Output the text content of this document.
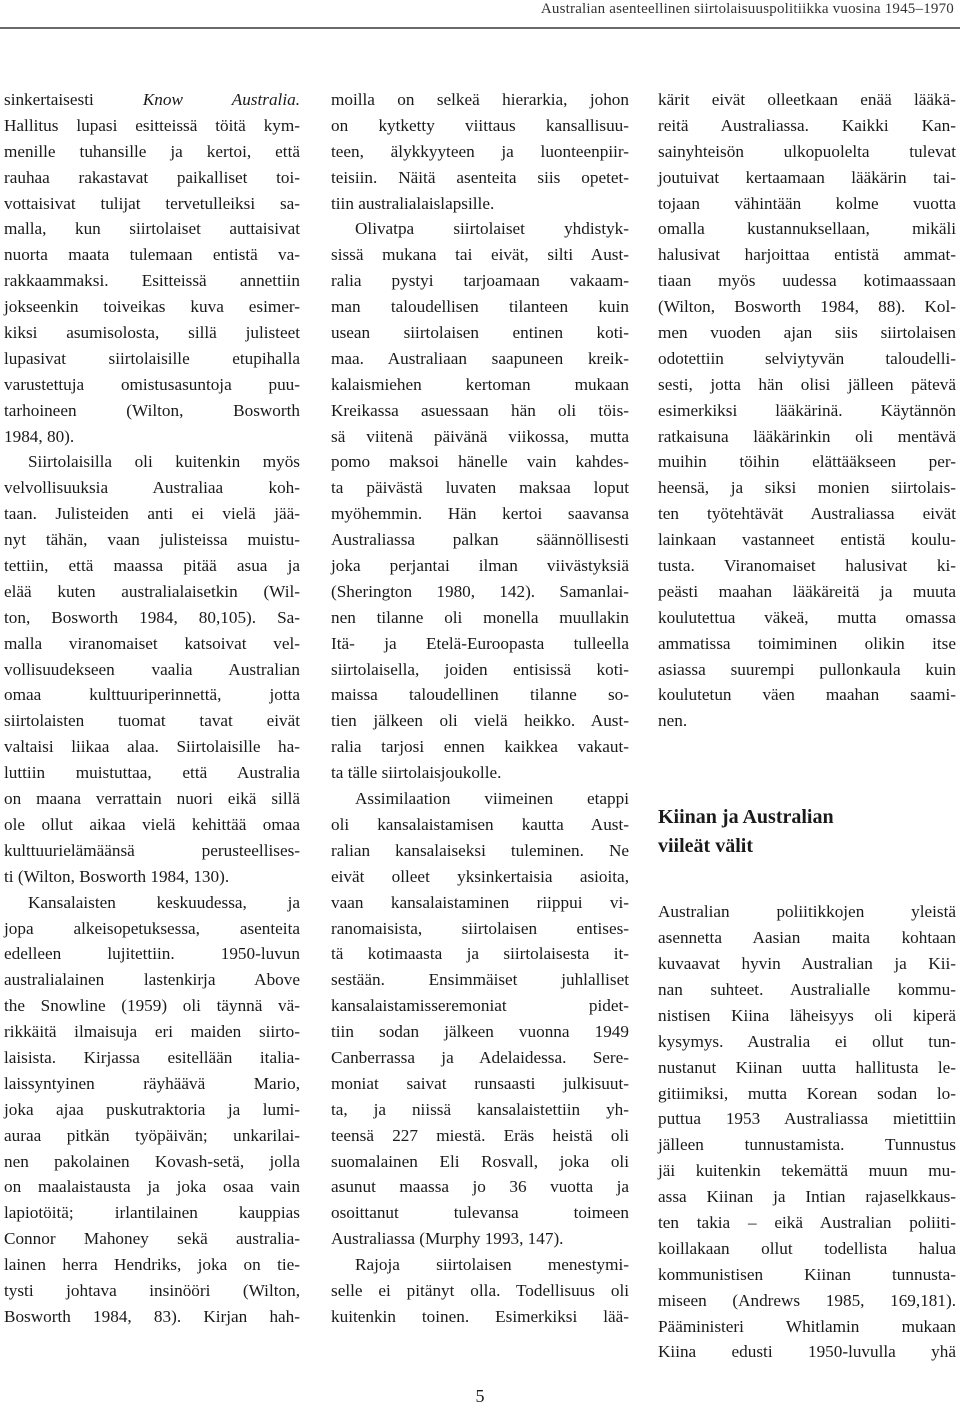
Australian asenteellinen siirtolaisuuspolitiikka vuosina 1945–1970
sinkertaisesti Know Australia.
Hallitus lupasi esitteissä töitä kym-
menille tuhansille ja kertoi, että
rauhaa rakastavat paikalliset toi-
vottaisivat tulijat tervetulleiksi sa-
malla, kun siirtolaiset auttaisivat
nuorta maata tulemaan entistä va-
rakkaammaksi. Esitteissä annettiin
jokseenkin toiveikas kuva esimer-
kiksi asumisolosta, sillä julisteet
lupasivat siirtolaisille etupihalla
varustettuja omistusasuntoja puu-
tarhoineen (Wilton, Bosworth
1984, 80).
Siirtolaisilla oli kuitenkin myös
velvollisuuksia Australiaa koh-
taan. Julisteiden anti ei vielä jää-
nyt tähän, vaan julisteissa muistu-
tettiin, että maassa pitää asua ja
elää kuten australialaisetkin (Wil-
ton, Bosworth 1984, 80,105). Sa-
malla viranomaiset katsoivat vel-
vollisuudekseen vaalia Australian
omaa kulttuuriperinnettä, jotta
siirtolaisten tuomat tavat eivät
valtaisi liikaa alaa. Siirtolaisille ha-
luttiin muistuttaa, että Australia
on maana verrattain nuori eikä sillä
ole ollut aikaa vielä kehittää omaa
kulttuurielämäänsä perusteellises-
ti (Wilton, Bosworth 1984, 130).
Kansalaisten keskuudessa, ja
jopa alkeisopetuksessa, asenteita
edelleen lujitettiin. 1950-luvun
australialainen lastenkirja Above
the Snowline (1959) oli täynnä vä-
rikkäitä ilmaisuja eri maiden siirto-
laisista. Kirjassa esitellään italia-
laissyntyinen räyhäävä Mario,
joka ajaa puskutraktoria ja lumi-
auraa pitkän työpäivän; unkarilai-
nen pakolainen Kovash-setä, jolla
on maalaistausta ja joka osaa vain
lapiotöitä; irlantilainen kauppias
Connor Mahoney sekä australia-
lainen herra Hendriks, joka on tie-
tysti johtava insinööri (Wilton,
Bosworth 1984, 83). Kirjan hah-
moilla on selkeä hierarkia, johon
on kytketty viittaus kansallisuu-
teen, älykkyyteen ja luonteenpiir-
teisiin. Näitä asenteita siis opetet-
tiin australialaislapsille.
Olivatpa siirtolaiset yhdistyk-
sissä mukana tai eivät, silti Aust-
ralia pystyi tarjoamaan vakaam-
man taloudellisen tilanteen kuin
usean siirtolaisen entinen koti-
maa. Australiaan saapuneen kreik-
kalaismiehen kertoman mukaan
Kreikassa asuessaan hän oli töis-
sä viitenä päivänä viikossa, mutta
pomo maksoi hänelle vain kahdes-
ta päivästä luvaten maksaa loput
myöhemmin. Hän kertoi saavansa
Australiassa palkan säännöllisesti
joka perjantai ilman viivästyksiä
(Sherington 1980, 142). Samanlai-
nen tilanne oli monella muullakin
Itä- ja Etelä-Euroopasta tulleella
siirtolaisella, joiden entisissä koti-
maissa taloudellinen tilanne so-
tien jälkeen oli vielä heikko. Aust-
ralia tarjosi ennen kaikkea vakaut-
ta tälle siirtolaisjoukolle.
Assimilaation viimeinen etappi
oli kansalaistamisen kautta Aust-
ralian kansalaiseksi tuleminen. Ne
eivät olleet yksinkertaisia asioita,
vaan kansalaistaminen riippui vi-
ranomaisista, siirtolaisen entises-
tä kotimaasta ja siirtolaisesta it-
sestään. Ensimmäiset juhlalliset
kansalaistamisseremoniat pidet-
tiin sodan jälkeen vuonna 1949
Canberrassa ja Adelaidessa. Sere-
moniat saivat runsaasti julkisuut-
ta, ja niissä kansalaistettiin yh-
teensä 227 miestä. Eräs heistä oli
suomalainen Eli Rosvall, joka oli
asunut maassa jo 36 vuotta ja
osoittanut tulevansa toimeen
Australiassa (Murphy 1993, 147).
Rajoja siirtolaisen menestymi-
selle ei pitänyt olla. Todellisuus oli
kuitenkin toinen. Esimerkiksi lää-
kärit eivät olleetkaan enää lääkä-
reitä Australiassa. Kaikki Kan-
sainyhteisön ulkopuolelta tulevat
joutuivat kertaamaan lääkärin tai-
tojaan vähintään kolme vuotta
omalla kustannuksellaan, mikäli
halusivat harjoittaa entistä ammat-
tiaan myös uudessa kotimaassaan
(Wilton, Bosworth 1984, 88). Kol-
men vuoden ajan siis siirtolaisen
odotettiin selviytyvän taloudelli-
sesti, jotta hän olisi jälleen pätevä
esimerkiksi lääkärinä. Käytännön
ratkaisuna lääkärinkin oli mentävä
muihin töihin elättääkseen per-
heensä, ja siksi monien siirtolais-
ten työtehtävät Australiassa eivät
lainkaan vastanneet entistä koulu-
tusta. Viranomaiset halusivat ki-
peästi maahan lääkäreitä ja muuta
koulutettua väkeä, mutta omassa
ammatissa toimiminen olikin itse
asiassa suurempi pullonkaula kuin
koulutetun väen maahan saami-
nen.
Kiinan ja Australian
viileät välit
Australian poliitikkojen yleistä
asennetta Aasian maita kohtaan
kuvaavat hyvin Australian ja Kii-
nan suhteet. Australialle kommu-
nistisen Kiina läheisyys oli kiperä
kysymys. Australia ei ollut tun-
nustanut Kiinan uutta hallitusta le-
gitiimiksi, mutta Korean sodan lo-
puttua 1953 Australiassa mietittiin
jälleen tunnustamista. Tunnustus
jäi kuitenkin tekemättä muun mu-
assa Kiinan ja Intian rajaselkkaus-
ten takia – eikä Australian poliiti-
koillakaan ollut todellista halua
kommunistisen Kiinan tunnusta-
miseen (Andrews 1985, 169,181).
Pääministeri Whitlamin mukaan
Kiina edusti 1950-luvulla yhä
5
